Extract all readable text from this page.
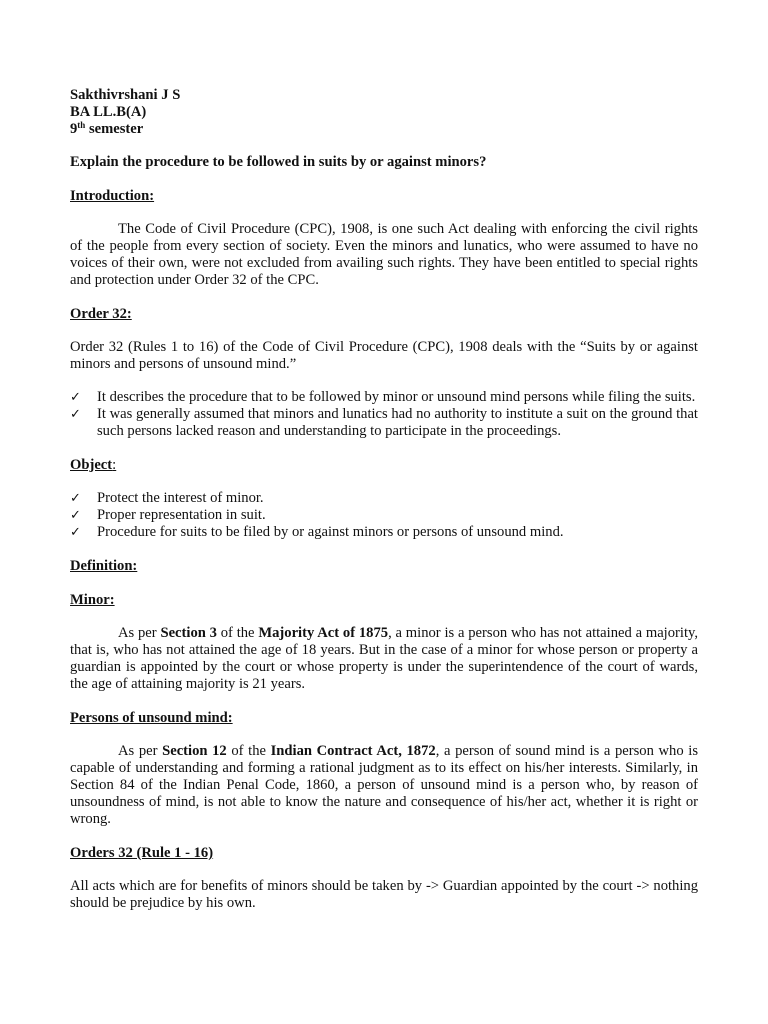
Sakthivrshani J S
BA LL.B(A)
9th semester
Explain the procedure to be followed in suits by or against minors?
Introduction:
The Code of Civil Procedure (CPC), 1908, is one such Act dealing with enforcing the civil rights of the people from every section of society. Even the minors and lunatics, who were assumed to have no voices of their own, were not excluded from availing such rights. They have been entitled to special rights and protection under Order 32 of the CPC.
Order 32:
Order 32 (Rules 1 to 16) of the Code of Civil Procedure (CPC), 1908 deals with the “Suits by or against minors and persons of unsound mind.”
✓ It describes the procedure that to be followed by minor or unsound mind persons while filing the suits.
✓ It was generally assumed that minors and lunatics had no authority to institute a suit on the ground that such persons lacked reason and understanding to participate in the proceedings.
Object:
✓ Protect the interest of minor.
✓ Proper representation in suit.
✓ Procedure for suits to be filed by or against minors or persons of unsound mind.
Definition:
Minor:
As per Section 3 of the Majority Act of 1875, a minor is a person who has not attained a majority, that is, who has not attained the age of 18 years. But in the case of a minor for whose person or property a guardian is appointed by the court or whose property is under the superintendence of the court of wards, the age of attaining majority is 21 years.
Persons of unsound mind:
As per Section 12 of the Indian Contract Act, 1872, a person of sound mind is a person who is capable of understanding and forming a rational judgment as to its effect on his/her interests. Similarly, in Section 84 of the Indian Penal Code, 1860, a person of unsound mind is a person who, by reason of unsoundness of mind, is not able to know the nature and consequence of his/her act, whether it is right or wrong.
Orders 32 (Rule 1 - 16)
All acts which are for benefits of minors should be taken by -> Guardian appointed by the court -> nothing should be prejudice by his own.
